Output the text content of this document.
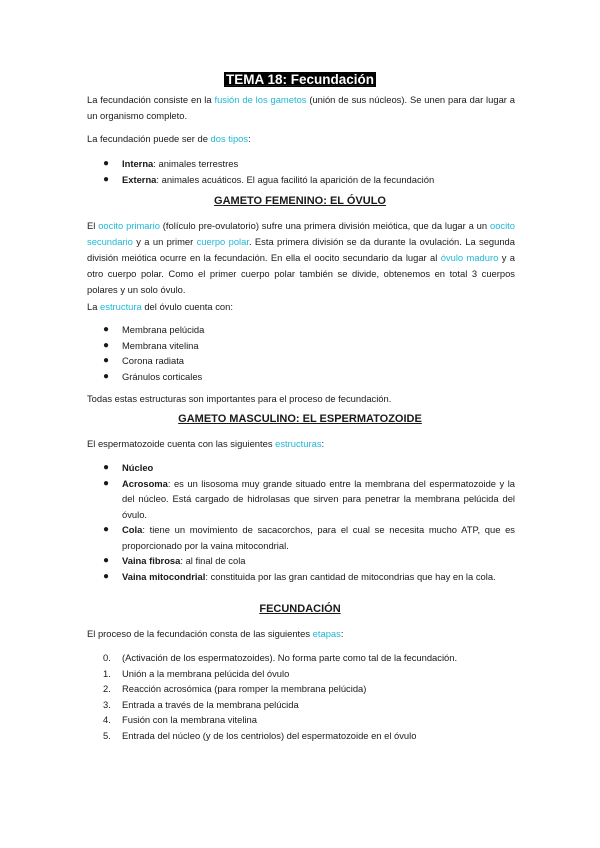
TEMA 18: Fecundación

La fecundación consiste en la fusión de los gametos (unión de sus núcleos). Se unen para dar lugar a un organismo completo.

La fecundación puede ser de dos tipos:

● Interna: animales terrestres
● Externa: animales acuáticos. El agua facilitó la aparición de la fecundación
GAMETO FEMENINO: EL ÓVULO

El oocito primario (folículo pre-ovulatorio) sufre una primera división meiótica, que da lugar a un oocito secundario y a un primer cuerpo polar. Esta primera división se da durante la ovulación. La segunda división meiótica ocurre en la fecundación. En ella el oocito secundario da lugar al óvulo maduro y a otro cuerpo polar. Como el primer cuerpo polar también se divide, obtenemos en total 3 cuerpos polares y un solo óvulo.

La estructura del óvulo cuenta con:

● Membrana pelúcida
● Membrana vitelina
● Corona radiata
● Gránulos corticales

Todas estas estructuras son importantes para el proceso de fecundación.

GAMETO MASCULINO: EL ESPERMATOZOIDE

El espermatozoide cuenta con las siguientes estructuras:

● Núcleo
● Acrosoma: es un lisosoma muy grande situado entre la membrana del espermatozoide y la del núcleo. Está cargado de hidrolasas que sirven para penetrar la membrana pelúcida del óvulo.
● Cola: tiene un movimiento de sacacorchos, para el cual se necesita mucho ATP, que es proporcionado por la vaina mitocondrial.
● Vaina fibrosa: al final de cola
● Vaina mitocondrial: constituida por las gran cantidad de mitocondrias que hay en la cola.
FECUNDACIÓN

El proceso de la fecundación consta de las siguientes etapas:

0. (Activación de los espermatozoides). No forma parte como tal de la fecundación.
1. Unión a la membrana pelúcida del óvulo
2. Reacción acrosómica (para romper la membrana pelúcida)
3. Entrada a través de la membrana pelúcida
4. Fusión con la membrana vitelina
5. Entrada del núcleo (y de los centriolos) del espermatozoide en el óvulo
